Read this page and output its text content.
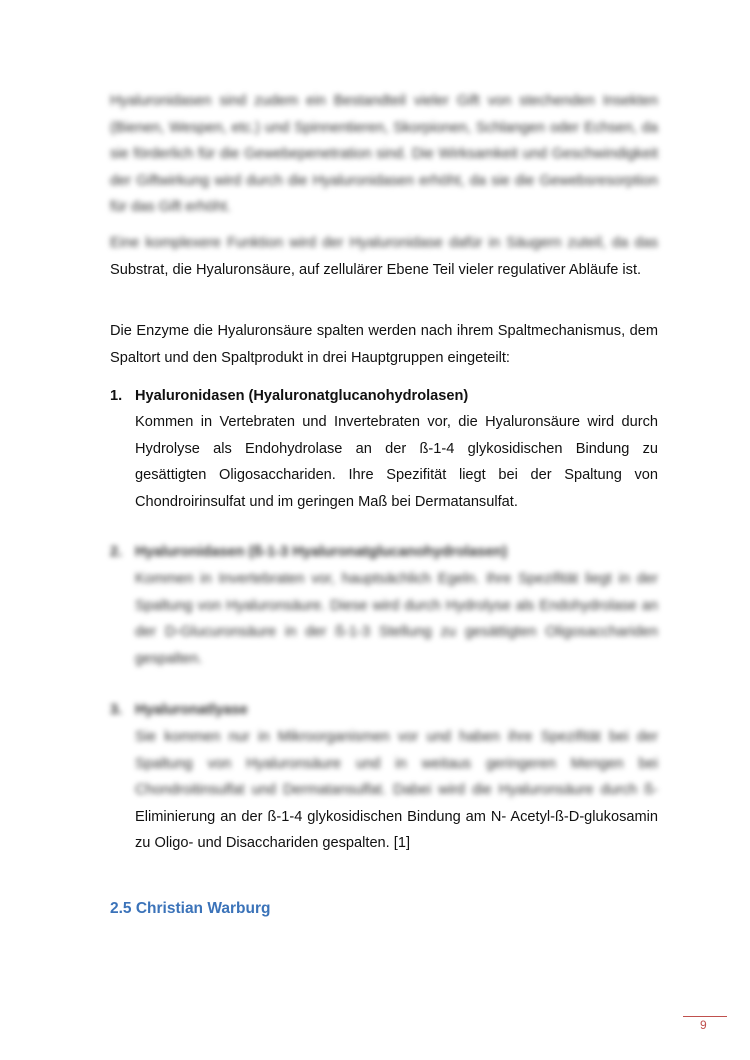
Hyaluronidasen sind zudem ein Bestandteil vieler Gift von stechenden Insekten (Bienen, Wespen, etc.) und Spinnentieren, Skorpionen, Schlangen oder Echsen, da sie förderlich für die Gewebepenetration sind. Die Wirksamkeit und Geschwindigkeit der Giftwirkung wird durch die Hyaluronidasen erhöht, da sie die Gewebsresorption für das Gift erhöht.
Eine komplexere Funktion wird der Hyaluronidase dafür in Säugern zuteil, da das Substrat, die Hyaluronsäure, auf zellulärer Ebene Teil vieler regulativer Abläufe ist.
Die Enzyme die Hyaluronsäure spalten werden nach ihrem Spaltmechanismus, dem Spaltort und den Spaltprodukt in drei Hauptgruppen eingeteilt:
1. Hyaluronidasen (Hyaluronatglucanohydrolasen)
Kommen in Vertebraten und Invertebraten vor, die Hyaluronsäure wird durch Hydrolyse als Endohydrolase an der ß-1-4 glykosidischen Bindung zu gesättigten Oligosacchariden. Ihre Spezifität liegt bei der Spaltung von Chondroirinsulfat und im geringen Maß bei Dermatansulfat.
2. Hyaluronidasen (ß-1-3 Hyaluronatglucanohydrolasen)
Kommen in Invertebraten vor, hauptsächlich Egeln. Ihre Spezifität liegt in der Spaltung von Hyaluronsäure. Diese wird durch Hydrolyse als Endohydrolase an der D-Glucuronsäure in der ß-1-3 Stellung zu gesättigten Oligosacchariden gespalten.
3. Hyaluronatlyase
Sie kommen nur in Mikroorganismen vor und haben ihre Spezifität bei der Spaltung von Hyaluronsäure und in weitaus geringeren Mengen bei Chondroitinsulfat und Dermatansulfat. Dabei wird die Hyaluronsäure durch ß- Eliminierung an der ß-1-4 glykosidischen Bindung am N- Acetyl-ß-D-glukosamin zu Oligo- und Disacchariden gespalten. [1]
2.5 Christian Warburg
9
